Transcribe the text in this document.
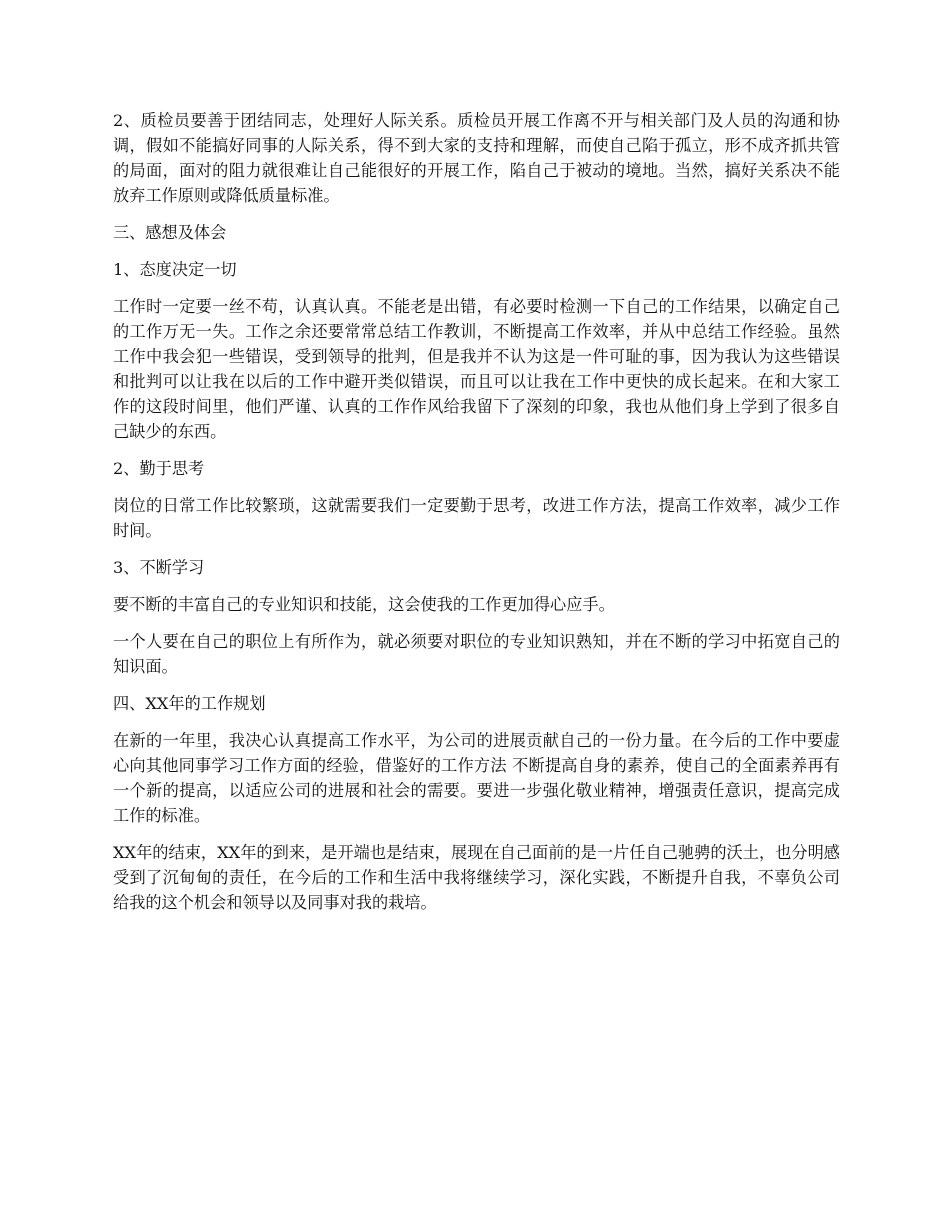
2、质检员要善于团结同志，处理好人际关系。质检员开展工作离不开与相关部门及人员的沟通和协调，假如不能搞好同事的人际关系，得不到大家的支持和理解，而使自己陷于孤立，形不成齐抓共管的局面，面对的阻力就很难让自己能很好的开展工作，陷自己于被动的境地。当然，搞好关系决不能放弃工作原则或降低质量标准。

三、感想及体会

1、态度决定一切

工作时一定要一丝不苟，认真认真。不能老是出错，有必要时检测一下自己的工作结果，以确定自己的工作万无一失。工作之余还要常常总结工作教训，不断提高工作效率，并从中总结工作经验。虽然工作中我会犯一些错误，受到领导的批判，但是我并不认为这是一件可耻的事，因为我认为这些错误和批判可以让我在以后的工作中避开类似错误，而且可以让我在工作中更快的成长起来。在和大家工作的这段时间里，他们严谨、认真的工作作风给我留下了深刻的印象，我也从他们身上学到了很多自己缺少的东西。

2、勤于思考

岗位的日常工作比较繁琐，这就需要我们一定要勤于思考，改进工作方法，提高工作效率，减少工作时间。

3、不断学习

要不断的丰富自己的专业知识和技能，这会使我的工作更加得心应手。

一个人要在自己的职位上有所作为，就必须要对职位的专业知识熟知，并在不断的学习中拓宽自己的知识面。

四、XX年的工作规划

在新的一年里，我决心认真提高工作水平，为公司的进展贡献自己的一份力量。在今后的工作中要虚心向其他同事学习工作方面的经验，借鉴好的工作方法 不断提高自身的素养，使自己的全面素养再有一个新的提高，以适应公司的进展和社会的需要。要进一步强化敬业精神，增强责任意识，提高完成工作的标准。

XX年的结束，XX年的到来，是开端也是结束，展现在自己面前的是一片任自己驰骋的沃土，也分明感受到了沉甸甸的责任，在今后的工作和生活中我将继续学习，深化实践，不断提升自我，不辜负公司给我的这个机会和领导以及同事对我的栽培。
